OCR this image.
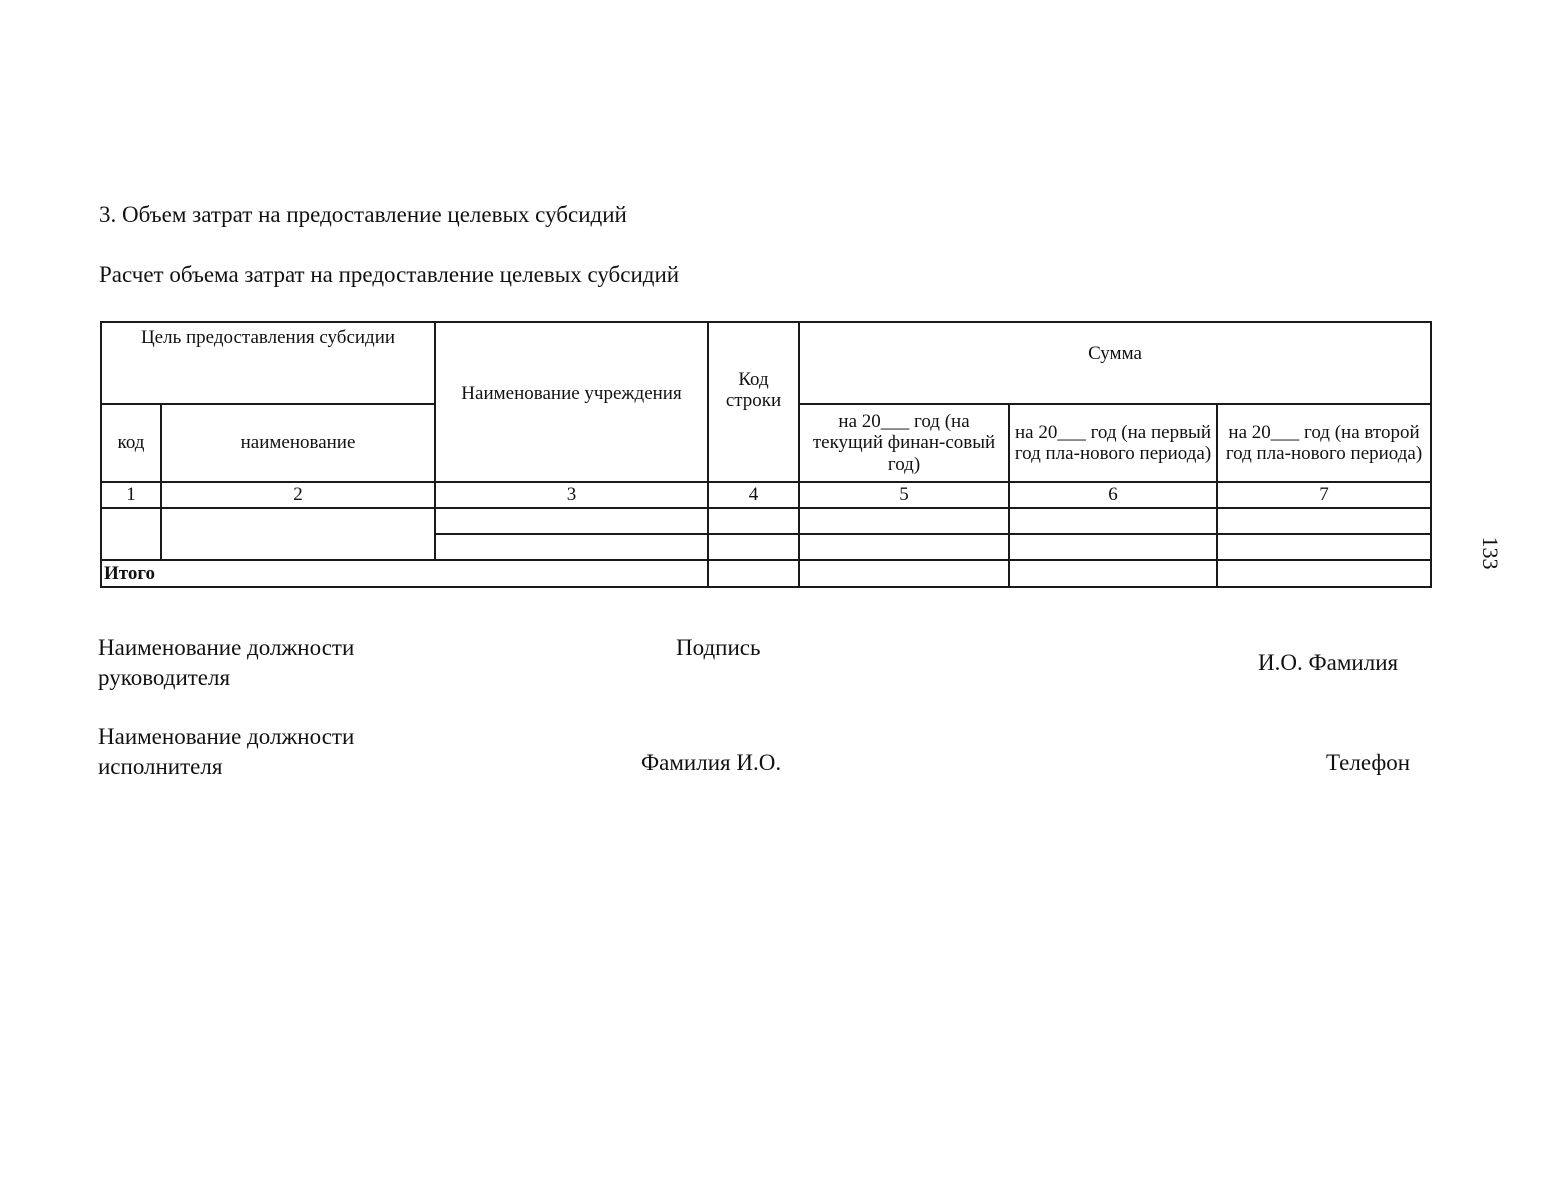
3. Объем затрат на предоставление целевых субсидий
Расчет объема затрат на предоставление целевых субсидий
Цель предоставления субсидии		Наименование учреждения	Код строки	Сумма		
код	наименование			на 20___ год (на текущий финан-совый год)	на 20___ год (на первый год пла-нового периода)	на 20___ год (на второй год пла-нового периода)
1	2	3	4	5	6	7

Итого						
133
Наименование должности руководителя
Подпись
И.О. Фамилия
Наименование должности исполнителя	Фамилия И.О.	Телефон
